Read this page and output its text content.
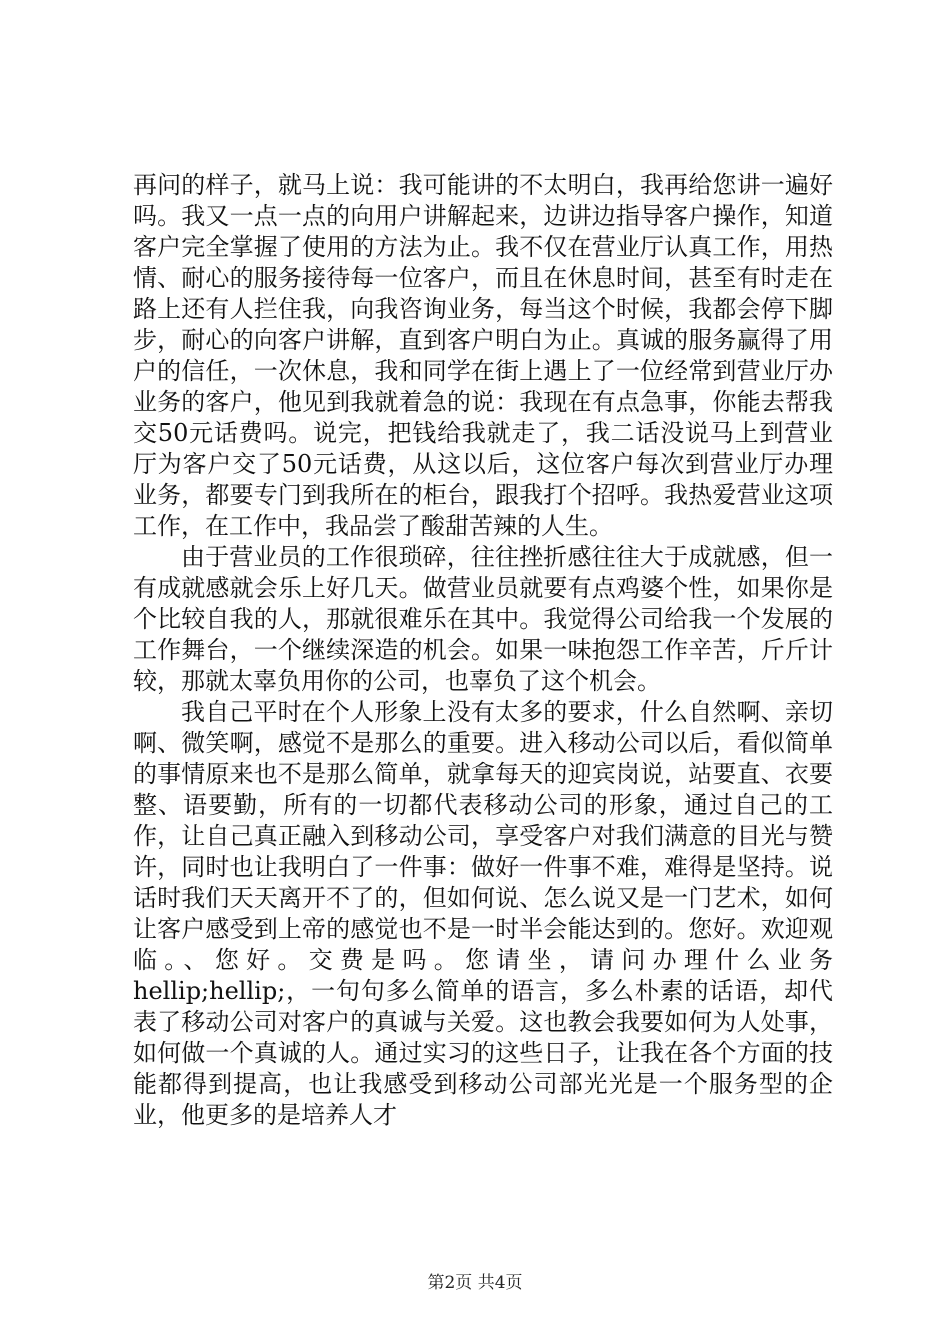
再问的样子，就马上说：我可能讲的不太明白，我再给您讲一遍好吗。我又一点一点的向用户讲解起来，边讲边指导客户操作，知道客户完全掌握了使用的方法为止。我不仅在营业厅认真工作，用热情、耐心的服务接待每一位客户，而且在休息时间，甚至有时走在路上还有人拦住我，向我咨询业务，每当这个时候，我都会停下脚步，耐心的向客户讲解，直到客户明白为止。真诚的服务赢得了用户的信任，一次休息，我和同学在街上遇上了一位经常到营业厅办业务的客户，他见到我就着急的说：我现在有点急事，你能去帮我交50元话费吗。说完，把钱给我就走了，我二话没说马上到营业厅为客户交了50元话费，从这以后，这位客户每次到营业厅办理业务，都要专门到我所在的柜台，跟我打个招呼。我热爱营业这项工作，在工作中，我品尝了酸甜苦辣的人生。

由于营业员的工作很琐碎，往往挫折感往往大于成就感，但一有成就感就会乐上好几天。做营业员就要有点鸡婆个性，如果你是个比较自我的人，那就很难乐在其中。我觉得公司给我一个发展的工作舞台，一个继续深造的机会。如果一味抱怨工作辛苦，斤斤计较，那就太辜负用你的公司，也辜负了这个机会。

我自己平时在个人形象上没有太多的要求，什么自然啊、亲切啊、微笑啊，感觉不是那么的重要。进入移动公司以后，看似简单的事情原来也不是那么简单，就拿每天的迎宾岗说，站要直、衣要整、语要勤，所有的一切都代表移动公司的形象，通过自己的工作，让自己真正融入到移动公司，享受客户对我们满意的目光与赞许，同时也让我明白了一件事：做好一件事不难，难得是坚持。说话时我们天天离开不了的，但如何说、怎么说又是一门艺术，如何让客户感受到上帝的感觉也不是一时半会能达到的。您好。欢迎观临。、您好。交费是吗。您请坐，请问办理什么业务hellip;hellip;，一句句多么简单的语言，多么朴素的话语，却代表了移动公司对客户的真诚与关爱。这也教会我要如何为人处事，如何做一个真诚的人。通过实习的这些日子，让我在各个方面的技能都得到提高，也让我感受到移动公司部光光是一个服务型的企业，他更多的是培养人才

第2页 共4页
